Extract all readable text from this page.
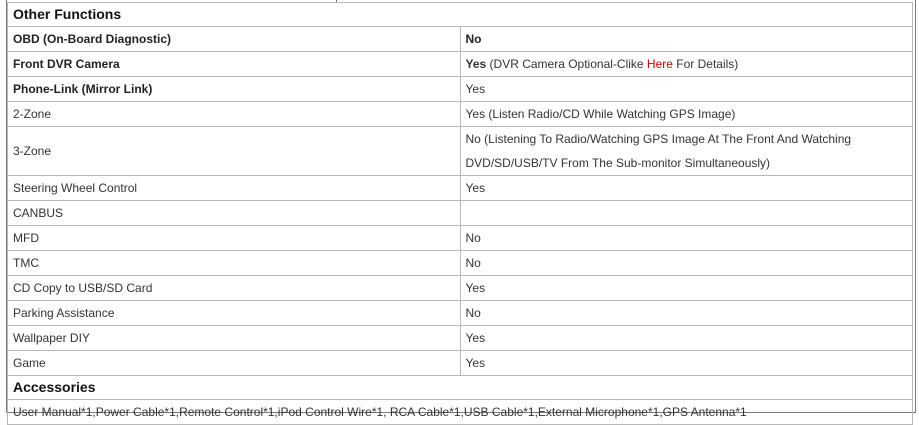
Other Functions	
OBD (On-Board Diagnostic)	No
Front DVR Camera	Yes (DVR Camera Optional-Clike Here For Details)
Phone-Link (Mirror Link)	Yes
2-Zone	Yes (Listen Radio/CD While Watching GPS Image)
3-Zone	No (Listening To Radio/Watching GPS Image At The Front And Watching DVD/SD/USB/TV From The Sub-monitor Simultaneously)
Steering Wheel Control	Yes
CANBUS	
MFD	No
TMC	No
CD Copy to USB/SD Card	Yes
Parking Assistance	No
Wallpaper DIY	Yes
Game	Yes
Accessories	
User Manual*1,Power Cable*1,Remote Control*1,iPod Control Wire*1, RCA Cable*1,USB Cable*1,External Microphone*1,GPS Antenna*1	
